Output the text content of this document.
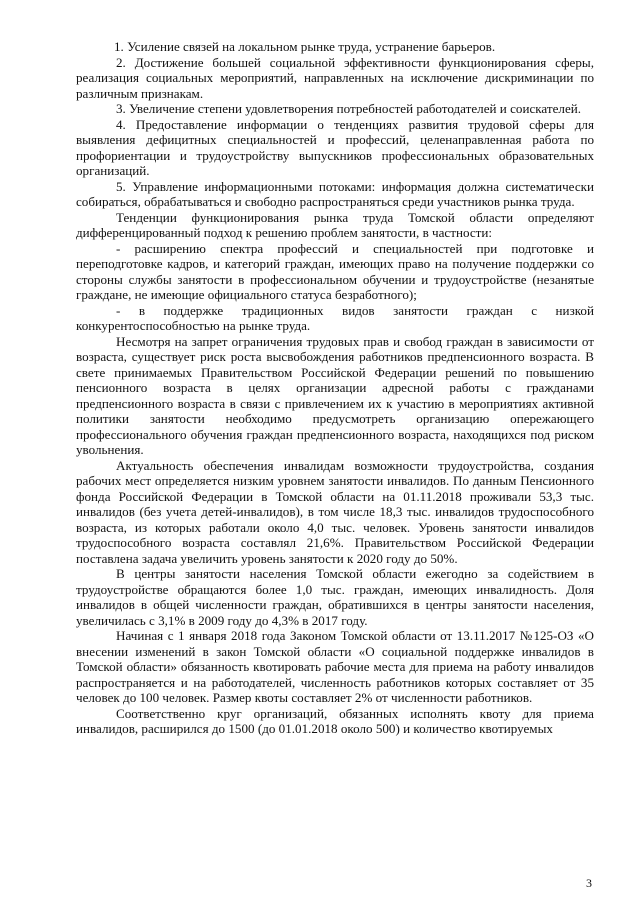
1. Усиление связей на локальном рынке труда, устранение барьеров.

2. Достижение большей социальной эффективности функционирования сферы, реализация социальных мероприятий, направленных на исключение дискриминации по различным признакам.

3. Увеличение степени удовлетворения потребностей работодателей и соискателей.

4. Предоставление информации о тенденциях развития трудовой сферы для выявления дефицитных специальностей и профессий, целенаправленная работа по профориентации и трудоустройству выпускников профессиональных образовательных организаций.

5. Управление информационными потоками: информация должна систематически собираться, обрабатываться и свободно распространяться среди участников рынка труда.

Тенденции функционирования рынка труда Томской области определяют дифференцированный подход к решению проблем занятости, в частности:

- расширению спектра профессий и специальностей при подготовке и переподготовке кадров, и категорий граждан, имеющих право на получение поддержки со стороны службы занятости в профессиональном обучении и трудоустройстве (незанятые граждане, не имеющие официального статуса безработного);

- в поддержке традиционных видов занятости граждан с низкой конкурентоспособностью на рынке труда.

Несмотря на запрет ограничения трудовых прав и свобод граждан в зависимости от возраста, существует риск роста высвобождения работников предпенсионного возраста. В свете принимаемых Правительством Российской Федерации решений по повышению пенсионного возраста в целях организации адресной работы с гражданами предпенсионного возраста в связи с привлечением их к участию в мероприятиях активной политики занятости необходимо предусмотреть организацию опережающего профессионального обучения граждан предпенсионного возраста, находящихся под риском увольнения.

Актуальность обеспечения инвалидам возможности трудоустройства, создания рабочих мест определяется низким уровнем занятости инвалидов. По данным Пенсионного фонда Российской Федерации в Томской области на 01.11.2018 проживали 53,3 тыс. инвалидов (без учета детей-инвалидов), в том числе 18,3 тыс. инвалидов трудоспособного возраста, из которых работали около 4,0 тыс. человек. Уровень занятости инвалидов трудоспособного возраста составлял 21,6%. Правительством Российской Федерации поставлена задача увеличить уровень занятости к 2020 году до 50%.

В центры занятости населения Томской области ежегодно за содействием в трудоустройстве обращаются более 1,0 тыс. граждан, имеющих инвалидность. Доля инвалидов в общей численности граждан, обратившихся в центры занятости населения, увеличилась с 3,1% в 2009 году до 4,3% в 2017 году.

Начиная с 1 января 2018 года Законом Томской области от 13.11.2017 №125-ОЗ «О внесении изменений в закон Томской области «О социальной поддержке инвалидов в Томской области» обязанность квотировать рабочие места для приема на работу инвалидов распространяется и на работодателей, численность работников которых составляет от 35 человек до 100 человек. Размер квоты составляет 2% от численности работников.

Соответственно круг организаций, обязанных исполнять квоту для приема инвалидов, расширился до 1500 (до 01.01.2018 около 500) и количество квотируемых

3
